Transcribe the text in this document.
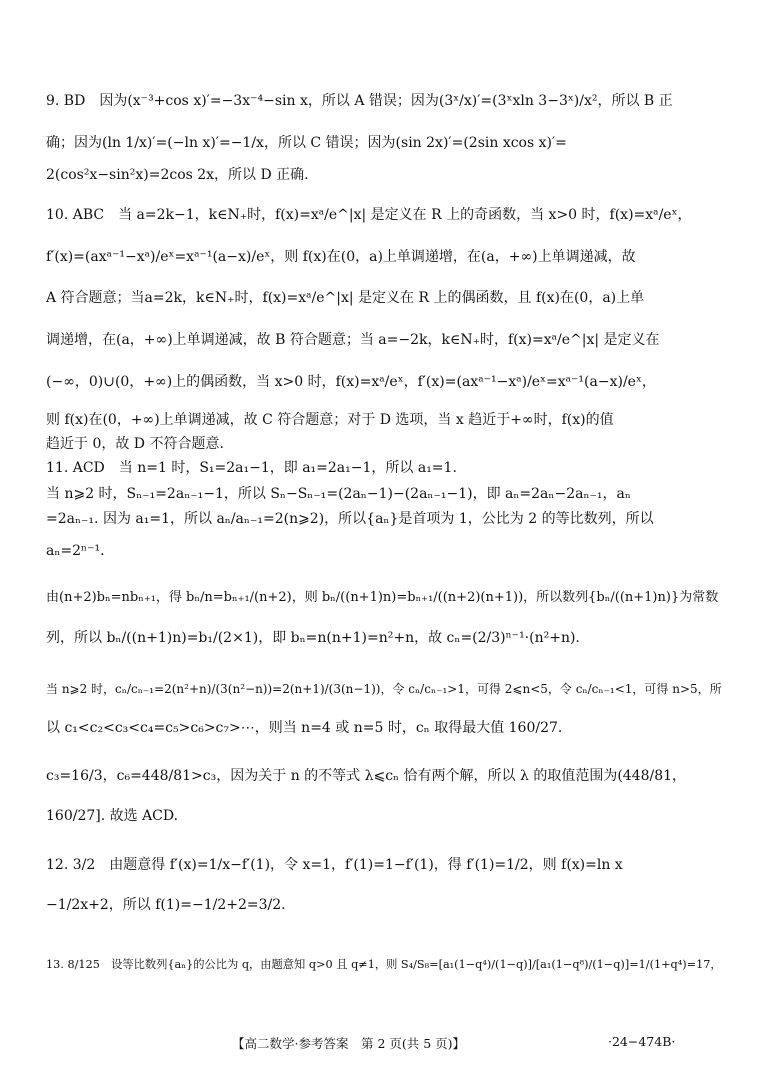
9. BD　因为(x⁻³+cos x)′=−3x⁻⁴−sin x，所以 A 错误；因为(3ˣ/x)′=(3ˣxln 3−3ˣ)/x²，所以 B 正
确；因为(ln 1/x)′=(−ln x)′=−1/x，所以 C 错误；因为(sin 2x)′=(2sin xcos x)′=
2(cos²x−sin²x)=2cos 2x，所以 D 正确.
10. ABC　当 a=2k−1，k∈N₊时，f(x)=xᵃ/e^|x| 是定义在 R 上的奇函数，当 x>0 时，f(x)=xᵃ/eˣ，
f′(x)=(axᵃ⁻¹−xᵃ)/eˣ=xᵃ⁻¹(a−x)/eˣ，则 f(x)在(0，a)上单调递增，在(a，+∞)上单调递减，故
A 符合题意；当a=2k，k∈N₊时，f(x)=xᵃ/e^|x| 是定义在 R 上的偶函数，且 f(x)在(0，a)上单
调递增，在(a，+∞)上单调递减，故 B 符合题意；当 a=−2k，k∈N₊时，f(x)=xᵃ/e^|x| 是定义在
(−∞，0)∪(0，+∞)上的偶函数，当 x>0 时，f(x)=xᵃ/eˣ，f′(x)=(axᵃ⁻¹−xᵃ)/eˣ=xᵃ⁻¹(a−x)/eˣ，
则 f(x)在(0，+∞)上单调递减，故 C 符合题意；对于 D 选项，当 x 趋近于+∞时，f(x)的值
趋近于 0，故 D 不符合题意.
11. ACD　当 n=1 时，S₁=2a₁−1，即 a₁=2a₁−1，所以 a₁=1.
当 n⩾2 时，Sₙ₋₁=2aₙ₋₁−1，所以 Sₙ−Sₙ₋₁=(2aₙ−1)−(2aₙ₋₁−1)，即 aₙ=2aₙ−2aₙ₋₁，aₙ
=2aₙ₋₁. 因为 a₁=1，所以 aₙ/aₙ₋₁=2(n⩾2)，所以{aₙ}是首项为 1，公比为 2 的等比数列，所以
aₙ=2ⁿ⁻¹.
由(n+2)bₙ=nbₙ₊₁，得 bₙ/n=bₙ₊₁/(n+2)，则 bₙ/((n+1)n)=bₙ₊₁/((n+2)(n+1))，所以数列{bₙ/((n+1)n)}为常数
列，所以 bₙ/((n+1)n)=b₁/(2×1)，即 bₙ=n(n+1)=n²+n，故 cₙ=(2/3)ⁿ⁻¹·(n²+n).
当 n⩾2 时，cₙ/cₙ₋₁=2(n²+n)/(3(n²−n))=2(n+1)/(3(n−1))，令 cₙ/cₙ₋₁>1，可得 2⩽n<5，令 cₙ/cₙ₋₁<1，可得 n>5，所
以 c₁<c₂<c₃<c₄=c₅>c₆>c₇>⋯，则当 n=4 或 n=5 时，cₙ 取得最大值 160/27.
c₃=16/3，c₆=448/81>c₃，因为关于 n 的不等式 λ⩽cₙ 恰有两个解，所以 λ 的取值范围为(448/81，
160/27]. 故选 ACD.
12. 3/2　由题意得 f′(x)=1/x−f′(1)，令 x=1，f′(1)=1−f′(1)，得 f′(1)=1/2，则 f(x)=ln x
−1/2x+2，所以 f(1)=−1/2+2=3/2.
13. 8/125　设等比数列{aₙ}的公比为 q，由题意知 q>0 且 q≠1，则 S₄/S₈=[a₁(1−q⁴)/(1−q)]/[a₁(1−q⁸)/(1−q)]=1/(1+q⁴)=17，
【高二数学·参考答案　第 2 页(共 5 页)】	·24−474B·
